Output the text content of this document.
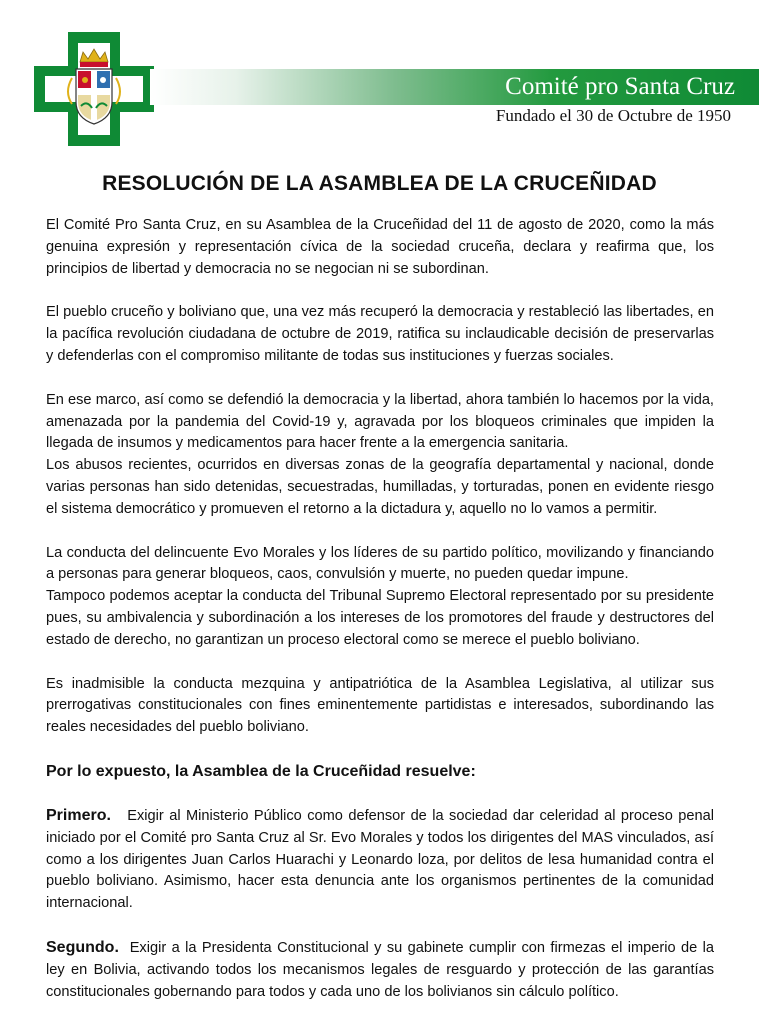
Comité pro Santa Cruz
Fundado el 30 de Octubre de 1950
RESOLUCIÓN DE LA ASAMBLEA DE LA CRUCEÑIDAD

El Comité Pro Santa Cruz, en su Asamblea de la Cruceñidad del 11 de agosto de 2020, como la más genuina expresión y representación cívica de la sociedad cruceña, declara y reafirma que, los principios de libertad y democracia no se negocian ni se subordinan.

El pueblo cruceño y boliviano que, una vez más recuperó la democracia y restableció las libertades, en la pacífica revolución ciudadana de octubre de 2019, ratifica su inclaudicable decisión de preservarlas y defenderlas con el compromiso militante de todas sus instituciones y fuerzas sociales.

En ese marco, así como se defendió la democracia y la libertad, ahora también lo hacemos por la vida, amenazada por la pandemia del Covid-19 y, agravada por los bloqueos criminales que impiden la llegada de insumos y medicamentos para hacer frente a la emergencia sanitaria.

Los abusos recientes, ocurridos en diversas zonas de la geografía departamental y nacional, donde varias personas han sido detenidas, secuestradas, humilladas, y torturadas, ponen en evidente riesgo el sistema democrático y promueven el retorno a la dictadura y, aquello no lo vamos a permitir.

La conducta del delincuente Evo Morales y los líderes de su partido político, movilizando y financiando a personas para generar bloqueos, caos, convulsión y muerte, no pueden quedar impune.

Tampoco podemos aceptar la conducta del Tribunal Supremo Electoral representado por su presidente pues, su ambivalencia y subordinación a los intereses de los promotores del fraude y destructores del estado de derecho, no garantizan un proceso electoral como se merece el pueblo boliviano.

Es inadmisible la conducta mezquina y antipatriótica de la Asamblea Legislativa, al utilizar sus prerrogativas constitucionales con fines eminentemente partidistas e interesados, subordinando las reales necesidades del pueblo boliviano.

Por lo expuesto, la Asamblea de la Cruceñidad resuelve:

Primero. Exigir al Ministerio Público como defensor de la sociedad dar celeridad al proceso penal iniciado por el Comité pro Santa Cruz al Sr. Evo Morales y todos los dirigentes del MAS vinculados, así como a los dirigentes Juan Carlos Huarachi y Leonardo loza, por delitos de lesa humanidad contra el pueblo boliviano. Asimismo, hacer esta denuncia ante los organismos pertinentes de la comunidad internacional.

Segundo. Exigir a la Presidenta Constitucional y su gabinete cumplir con firmezas el imperio de la ley en Bolivia, activando todos los mecanismos legales de resguardo y protección de las garantías constitucionales gobernando para todos y cada uno de los bolivianos sin cálculo político.
